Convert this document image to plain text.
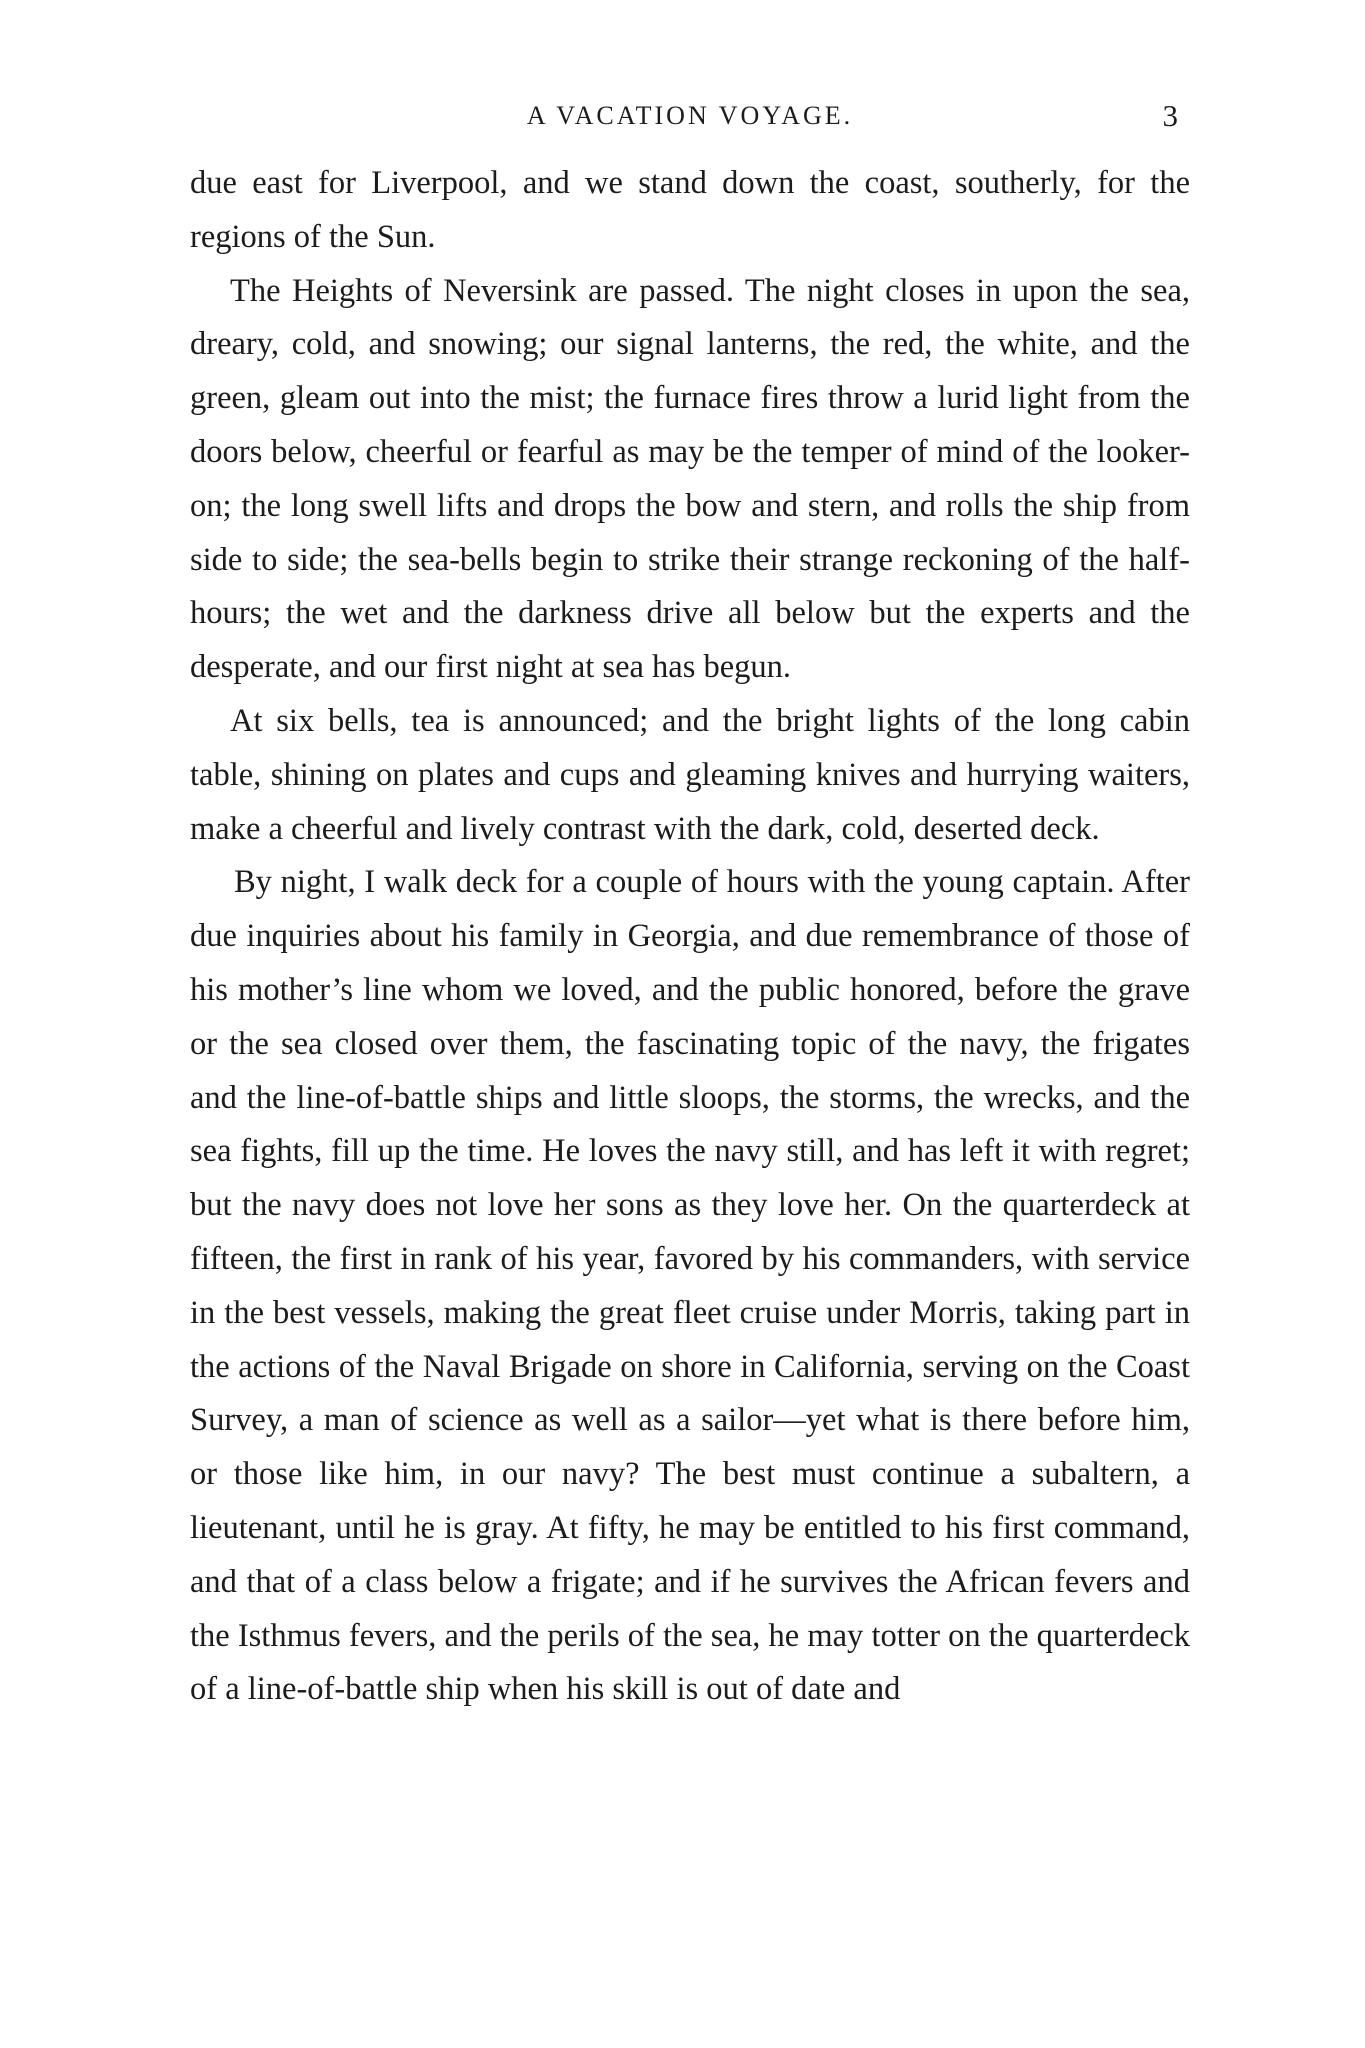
A VACATION VOYAGE.	3

due east for Liverpool, and we stand down the coast, southerly, for the regions of the Sun.

The Heights of Neversink are passed. The night closes in upon the sea, dreary, cold, and snowing; our signal lanterns, the red, the white, and the green, gleam out into the mist; the furnace fires throw a lurid light from the doors below, cheerful or fearful as may be the temper of mind of the looker-on; the long swell lifts and drops the bow and stern, and rolls the ship from side to side; the sea-bells begin to strike their strange reckoning of the half-hours; the wet and the darkness drive all below but the experts and the desperate, and our first night at sea has begun.

At six bells, tea is announced; and the bright lights of the long cabin table, shining on plates and cups and gleaming knives and hurrying waiters, make a cheerful and lively contrast with the dark, cold, deserted deck.

By night, I walk deck for a couple of hours with the young captain. After due inquiries about his family in Georgia, and due remembrance of those of his mother’s line whom we loved, and the public honored, before the grave or the sea closed over them, the fascinating topic of the navy, the frigates and the line-of-battle ships and little sloops, the storms, the wrecks, and the sea fights, fill up the time. He loves the navy still, and has left it with regret; but the navy does not love her sons as they love her. On the quarterdeck at fifteen, the first in rank of his year, favored by his commanders, with service in the best vessels, making the great fleet cruise under Morris, taking part in the actions of the Naval Brigade on shore in California, serving on the Coast Survey, a man of science as well as a sailor—yet what is there before him, or those like him, in our navy? The best must continue a subaltern, a lieutenant, until he is gray. At fifty, he may be entitled to his first command, and that of a class below a frigate; and if he survives the African fevers and the Isthmus fevers, and the perils of the sea, he may totter on the quarterdeck of a line-of-battle ship when his skill is out of date and
